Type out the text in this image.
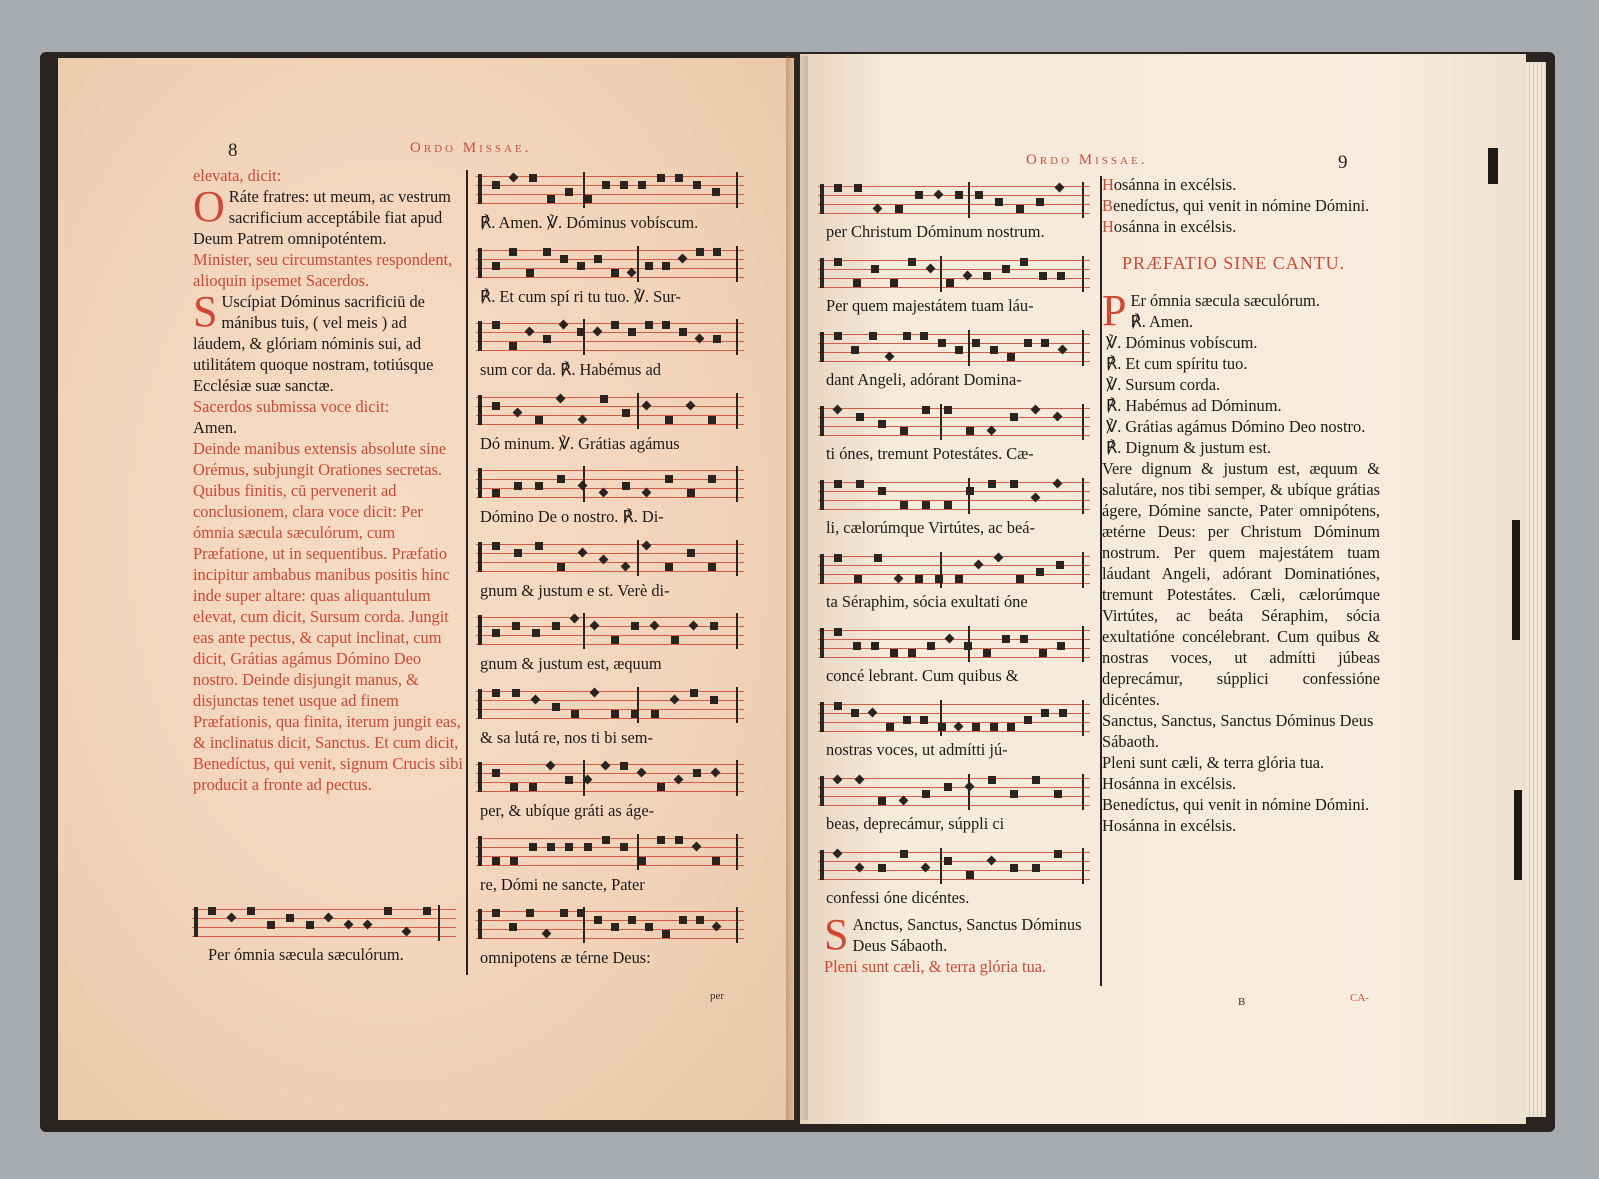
8	Ordo Missae.

elevata, dicit:

O Ráte fratres: ut meum, ac vestrum sacrificium acceptábile fiat apud Deum Patrem omnipoténtem.

Minister, seu circumstantes respondent, alioquin ipsemet Sacerdos.

S Uscípiat Dóminus sacrificiū de mánibus tuis, ( vel meis ) ad láudem, & glóriam nóminis sui, ad utilitátem quoque nostram, totiúsque Ecclésiæ suæ sanctæ.

Sacerdos submissa voce dicit:

Amen.

Deinde manibus extensis absolute sine Orémus, subjungit Orationes secretas. Quibus finitis, cū pervenerit ad conclusionem, clara voce dicit: Per ómnia sæcula sæculórum, cum Præfatione, ut in sequentibus. Præfatio incipitur ambabus manibus positis hinc inde super altare: quas aliquantulum elevat, cum dicit, Sursum corda. Jungit eas ante pectus, & caput inclinat, cum dicit, Grátias agámus Dómino Deo nostro. Deinde disjungit manus, & disjunctas tenet usque ad finem Præfationis, qua finita, iterum jungit eas, & inclinatus dicit, Sanctus. Et cum dicit, Benedíctus, qui venit, signum Crucis sibi producit a fronte ad pectus.

Per ómnia sæcula sæculórum.
per
Ordo Missae.	9
S Anctus, Sanctus, Sanctus Dóminus Deus Sábaoth.

Pleni sunt cæli, & terra glória tua.

Hosánna in excélsis.

Benedíctus, qui venit in nómine Dómini.

Hosánna in excélsis.

PRÆFATIO SINE CANTU.
P Er ómnia sæcula sæculórum.

℟. Amen.

℣. Dóminus vobíscum.

℟. Et cum spíritu tuo.

℣. Sursum corda.

℟. Habémus ad Dóminum.

℣. Grátias agámus Dómino Deo nostro.

℟. Dignum & justum est.

Vere dignum & justum est, æquum & salutáre, nos tibi semper, & ubíque grátias ágere, Dómine sancte, Pater omnipótens, ætérne Deus: per Christum Dóminum nostrum. Per quem majestátem tuam láudant Angeli, adórant Dominatiónes, tremunt Potestátes. Cæli, cælorúmque Virtútes, ac beáta Séraphim, sócia exultatióne concélebrant. Cum quibus & nostras voces, ut admítti júbeas deprecámur, súpplici confessióne dicéntes.

Sanctus, Sanctus, Sanctus Dóminus Deus Sábaoth.

Pleni sunt cæli, & terra glória tua.

Hosánna in excélsis.

Benedíctus, qui venit in nómine Dómini.

Hosánna in excélsis.

B	CA-
℟. Amen. ℣. Dóminus vobíscum.
℟. Et cum spí ri tu tuo. ℣. Sur-
sum cor da. ℟. Habémus ad
Dó minum. ℣. Grátias agámus
Dómino De o nostro. ℟. Di-
gnum & justum e st. Verè di-
gnum & justum est, æquum
& sa lutá re, nos ti bi sem-
per, & ubíque gráti as áge-
re, Dómi ne sancte, Pater
omnipotens æ térne Deus:
per Christum Dóminum nostrum.
Per quem majestátem tuam láu-
dant Angeli, adórant Domina-
ti ónes, tremunt Potestátes. Cæ-
li, cælorúmque Virtútes, ac beá-
ta Séraphim, sócia exultati óne
concé lebrant. Cum quibus &
nostras voces, ut admítti jú-
beas, deprecámur, súppli ci
confessi óne dicéntes.
